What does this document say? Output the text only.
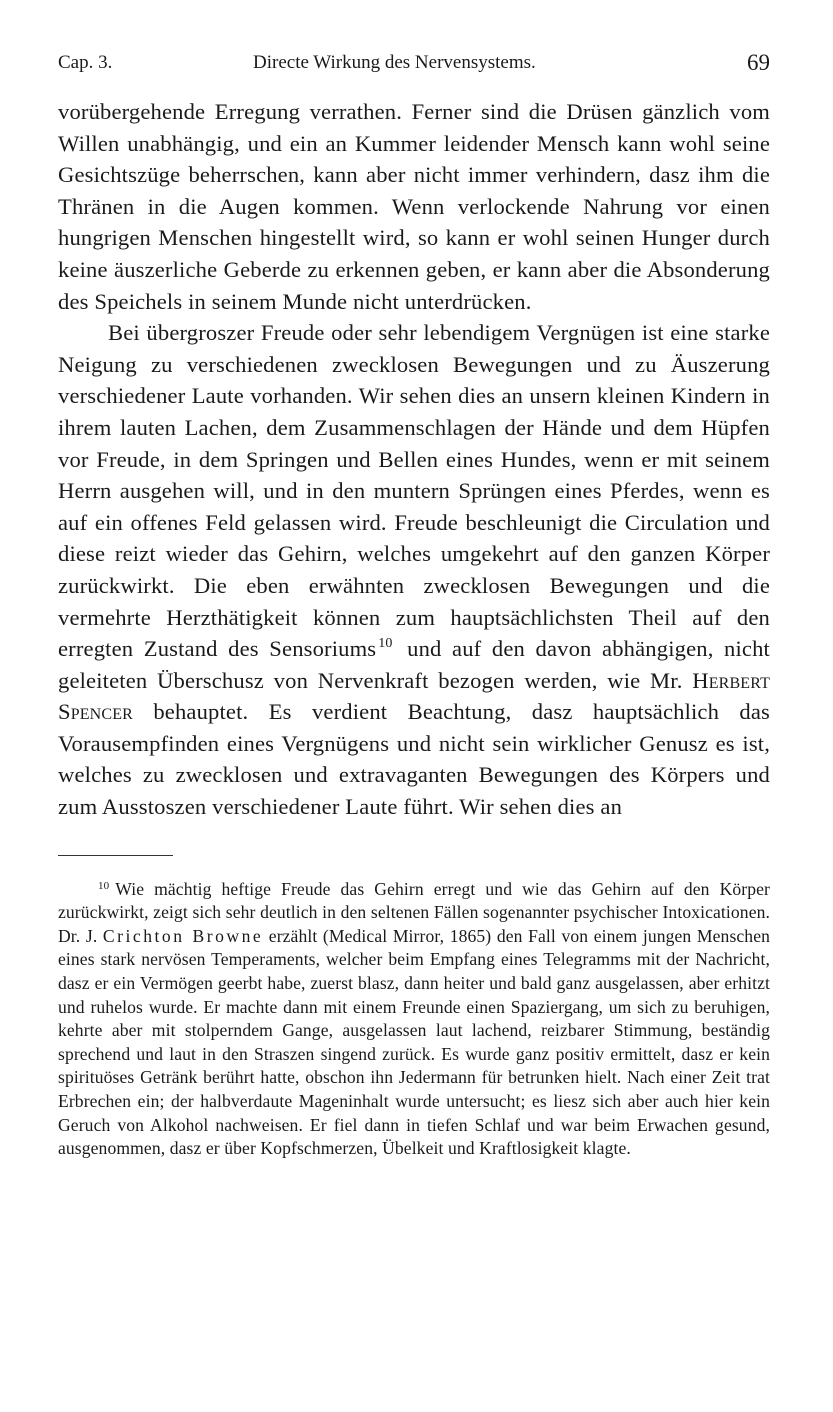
Cap. 3.	Directe Wirkung des Nervensystems.	69

vorübergehende Erregung verrathen. Ferner sind die Drüsen gänzlich vom Willen unabhängig, und ein an Kummer leidender Mensch kann wohl seine Gesichtszüge beherrschen, kann aber nicht immer verhindern, dasz ihm die Thränen in die Augen kommen. Wenn verlockende Nahrung vor einen hungrigen Menschen hingestellt wird, so kann er wohl seinen Hunger durch keine äuszerliche Geberde zu erkennen geben, er kann aber die Absonderung des Speichels in seinem Munde nicht unterdrücken.

Bei übergroszer Freude oder sehr lebendigem Vergnügen ist eine starke Neigung zu verschiedenen zwecklosen Bewegungen und zu Äuszerung verschiedener Laute vorhanden. Wir sehen dies an unsern kleinen Kindern in ihrem lauten Lachen, dem Zusammenschlagen der Hände und dem Hüpfen vor Freude, in dem Springen und Bellen eines Hundes, wenn er mit seinem Herrn ausgehen will, und in den muntern Sprüngen eines Pferdes, wenn es auf ein offenes Feld gelassen wird. Freude beschleunigt die Circulation und diese reizt wieder das Gehirn, welches umgekehrt auf den ganzen Körper zurückwirkt. Die eben erwähnten zwecklosen Bewegungen und die vermehrte Herzthätigkeit können zum hauptsächlichsten Theil auf den erregten Zustand des Sensoriums $^{10}$ und auf den davon abhängigen, nicht geleiteten Überschusz von Nervenkraft bezogen werden, wie Mr. Herbert Spencer behauptet. Es verdient Beachtung, dasz hauptsächlich das Vorausempfinden eines Vergnügens und nicht sein wirklicher Genusz es ist, welches zu zwecklosen und extravaganten Bewegungen des Körpers und zum Ausstoszen verschiedener Laute führt. Wir sehen dies an

$^{10}$ Wie mächtig heftige Freude das Gehirn erregt und wie das Gehirn auf den Körper zurückwirkt, zeigt sich sehr deutlich in den seltenen Fällen sogenannter psychischer Intoxicationen. Dr. J. Crichton Browne erzählt (Medical Mirror, 1865) den Fall von einem jungen Menschen eines stark nervösen Temperaments, welcher beim Empfang eines Telegramms mit der Nachricht, dasz er ein Vermögen geerbt habe, zuerst blasz, dann heiter und bald ganz ausgelassen, aber erhitzt und ruhelos wurde. Er machte dann mit einem Freunde einen Spaziergang, um sich zu beruhigen, kehrte aber mit stolperndem Gange, ausgelassen laut lachend, reizbarer Stimmung, beständig sprechend und laut in den Straszen singend zurück. Es wurde ganz positiv ermittelt, dasz er kein spirituöses Getränk berührt hatte, obschon ihn Jedermann für betrunken hielt. Nach einer Zeit trat Erbrechen ein; der halbverdaute Mageninhalt wurde untersucht; es liesz sich aber auch hier kein Geruch von Alkohol nachweisen. Er fiel dann in tiefen Schlaf und war beim Erwachen gesund, ausgenommen, dasz er über Kopfschmerzen, Übelkeit und Kraftlosigkeit klagte.
